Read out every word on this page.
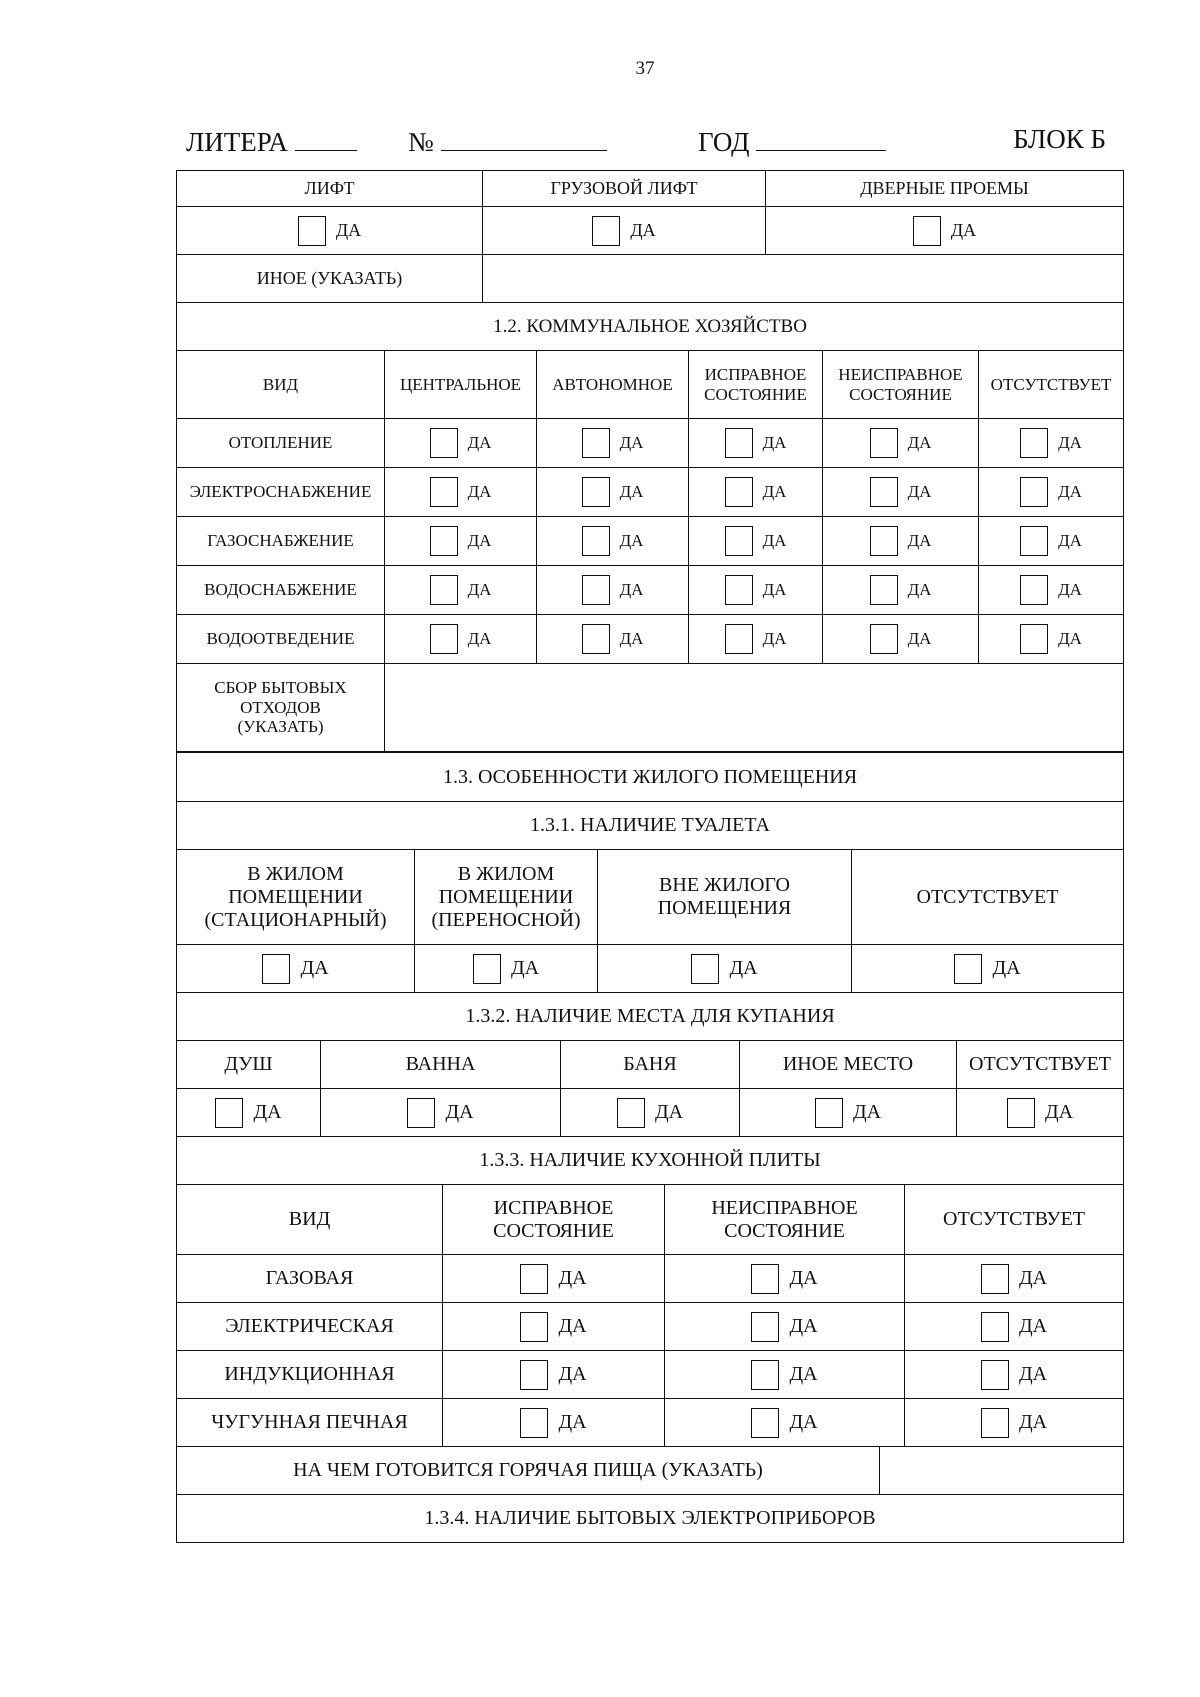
37
ЛИТЕРА	№	ГОД	БЛОК Б
ЛИФТ	ГРУЗОВОЙ ЛИФТ	ДВЕРНЫЕ ПРОЕМЫ
ДА	ДА	ДА
ИНОЕ (УКАЗАТЬ)		
1.2. КОММУНАЛЬНОЕ ХОЗЯЙСТВО					
ВИД	ЦЕНТРАЛЬНОЕ	АВТОНОМНОЕ	ИСПРАВНОЕ СОСТОЯНИЕ	НЕИСПРАВНОЕ СОСТОЯНИЕ	ОТСУТСТВУЕТ
ОТОПЛЕНИЕ	ДА	ДА	ДА	ДА	ДА
ЭЛЕКТРОСНАБЖЕНИЕ	ДА	ДА	ДА	ДА	ДА
ГАЗОСНАБЖЕНИЕ	ДА	ДА	ДА	ДА	ДА
ВОДОСНАБЖЕНИЕ	ДА	ДА	ДА	ДА	ДА
ВОДООТВЕДЕНИЕ	ДА	ДА	ДА	ДА	ДА
СБОР БЫТОВЫХ ОТХОДОВ (УКАЗАТЬ)					
1.3. ОСОБЕННОСТИ ЖИЛОГО ПОМЕЩЕНИЯ			
1.3.1. НАЛИЧИЕ ТУАЛЕТА			
В ЖИЛОМ ПОМЕЩЕНИИ (СТАЦИОНАРНЫЙ)	В ЖИЛОМ ПОМЕЩЕНИИ (ПЕРЕНОСНОЙ)	ВНЕ ЖИЛОГО ПОМЕЩЕНИЯ	ОТСУТСТВУЕТ
ДА	ДА	ДА	ДА
1.3.2. НАЛИЧИЕ МЕСТА ДЛЯ КУПАНИЯ				
ДУШ	ВАННА	БАНЯ	ИНОЕ МЕСТО	ОТСУТСТВУЕТ
ДА	ДА	ДА	ДА	ДА
1.3.3. НАЛИЧИЕ КУХОННОЙ ПЛИТЫ			
ВИД	ИСПРАВНОЕ СОСТОЯНИЕ	НЕИСПРАВНОЕ СОСТОЯНИЕ	ОТСУТСТВУЕТ
ГАЗОВАЯ	ДА	ДА	ДА
ЭЛЕКТРИЧЕСКАЯ	ДА	ДА	ДА
ИНДУКЦИОННАЯ	ДА	ДА	ДА
ЧУГУННАЯ ПЕЧНАЯ	ДА	ДА	ДА
НА ЧЕМ ГОТОВИТСЯ ГОРЯЧАЯ ПИЩА (УКАЗАТЬ)	
1.3.4. НАЛИЧИЕ БЫТОВЫХ ЭЛЕКТРОПРИБОРОВ
